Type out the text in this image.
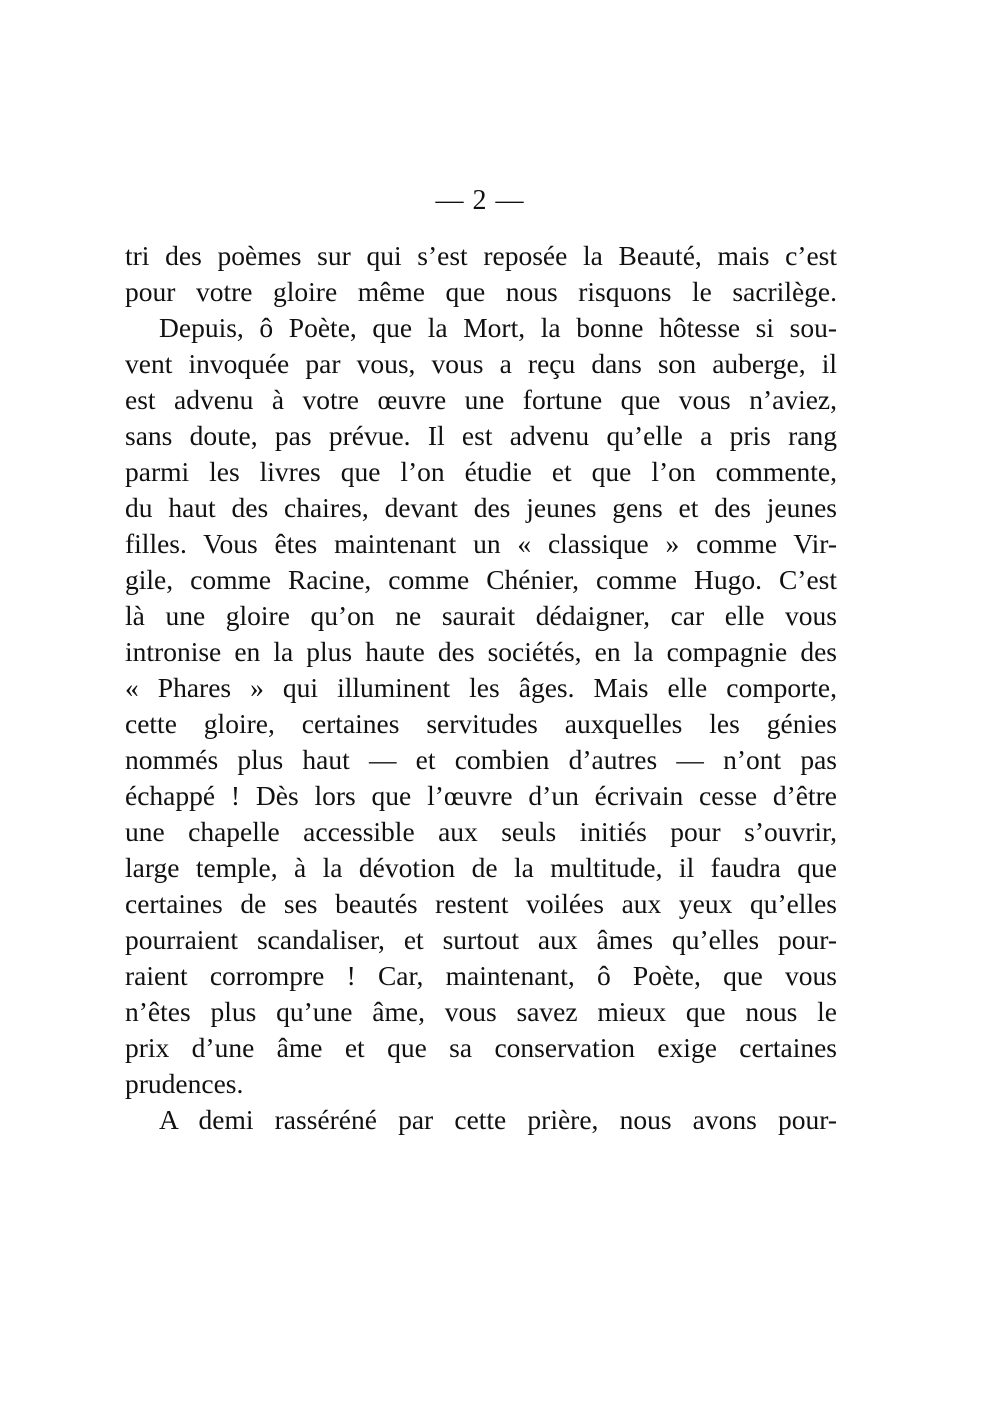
— 2 —
tri des poèmes sur qui s’est reposée la Beauté, mais c’est
pour votre gloire même que nous risquons le sacrilège.
Depuis, ô Poète, que la Mort, la bonne hôtesse si sou-
vent invoquée par vous, vous a reçu dans son auberge, il
est advenu à votre œuvre une fortune que vous n’aviez,
sans doute, pas prévue. Il est advenu qu’elle a pris rang
parmi les livres que l’on étudie et que l’on commente,
du haut des chaires, devant des jeunes gens et des jeunes
filles. Vous êtes maintenant un « classique » comme Vir-
gile, comme Racine, comme Chénier, comme Hugo. C’est
là une gloire qu’on ne saurait dédaigner, car elle vous
intronise en la plus haute des sociétés, en la compagnie des
« Phares » qui illuminent les âges. Mais elle comporte,
cette gloire, certaines servitudes auxquelles les génies
nommés plus haut — et combien d’autres — n’ont pas
échappé ! Dès lors que l’œuvre d’un écrivain cesse d’être
une chapelle accessible aux seuls initiés pour s’ouvrir,
large temple, à la dévotion de la multitude, il faudra que
certaines de ses beautés restent voilées aux yeux qu’elles
pourraient scandaliser, et surtout aux âmes qu’elles pour-
raient corrompre ! Car, maintenant, ô Poète, que vous
n’êtes plus qu’une âme, vous savez mieux que nous le
prix d’une âme et que sa conservation exige certaines
prudences.
A demi rasséréné par cette prière, nous avons pour-
